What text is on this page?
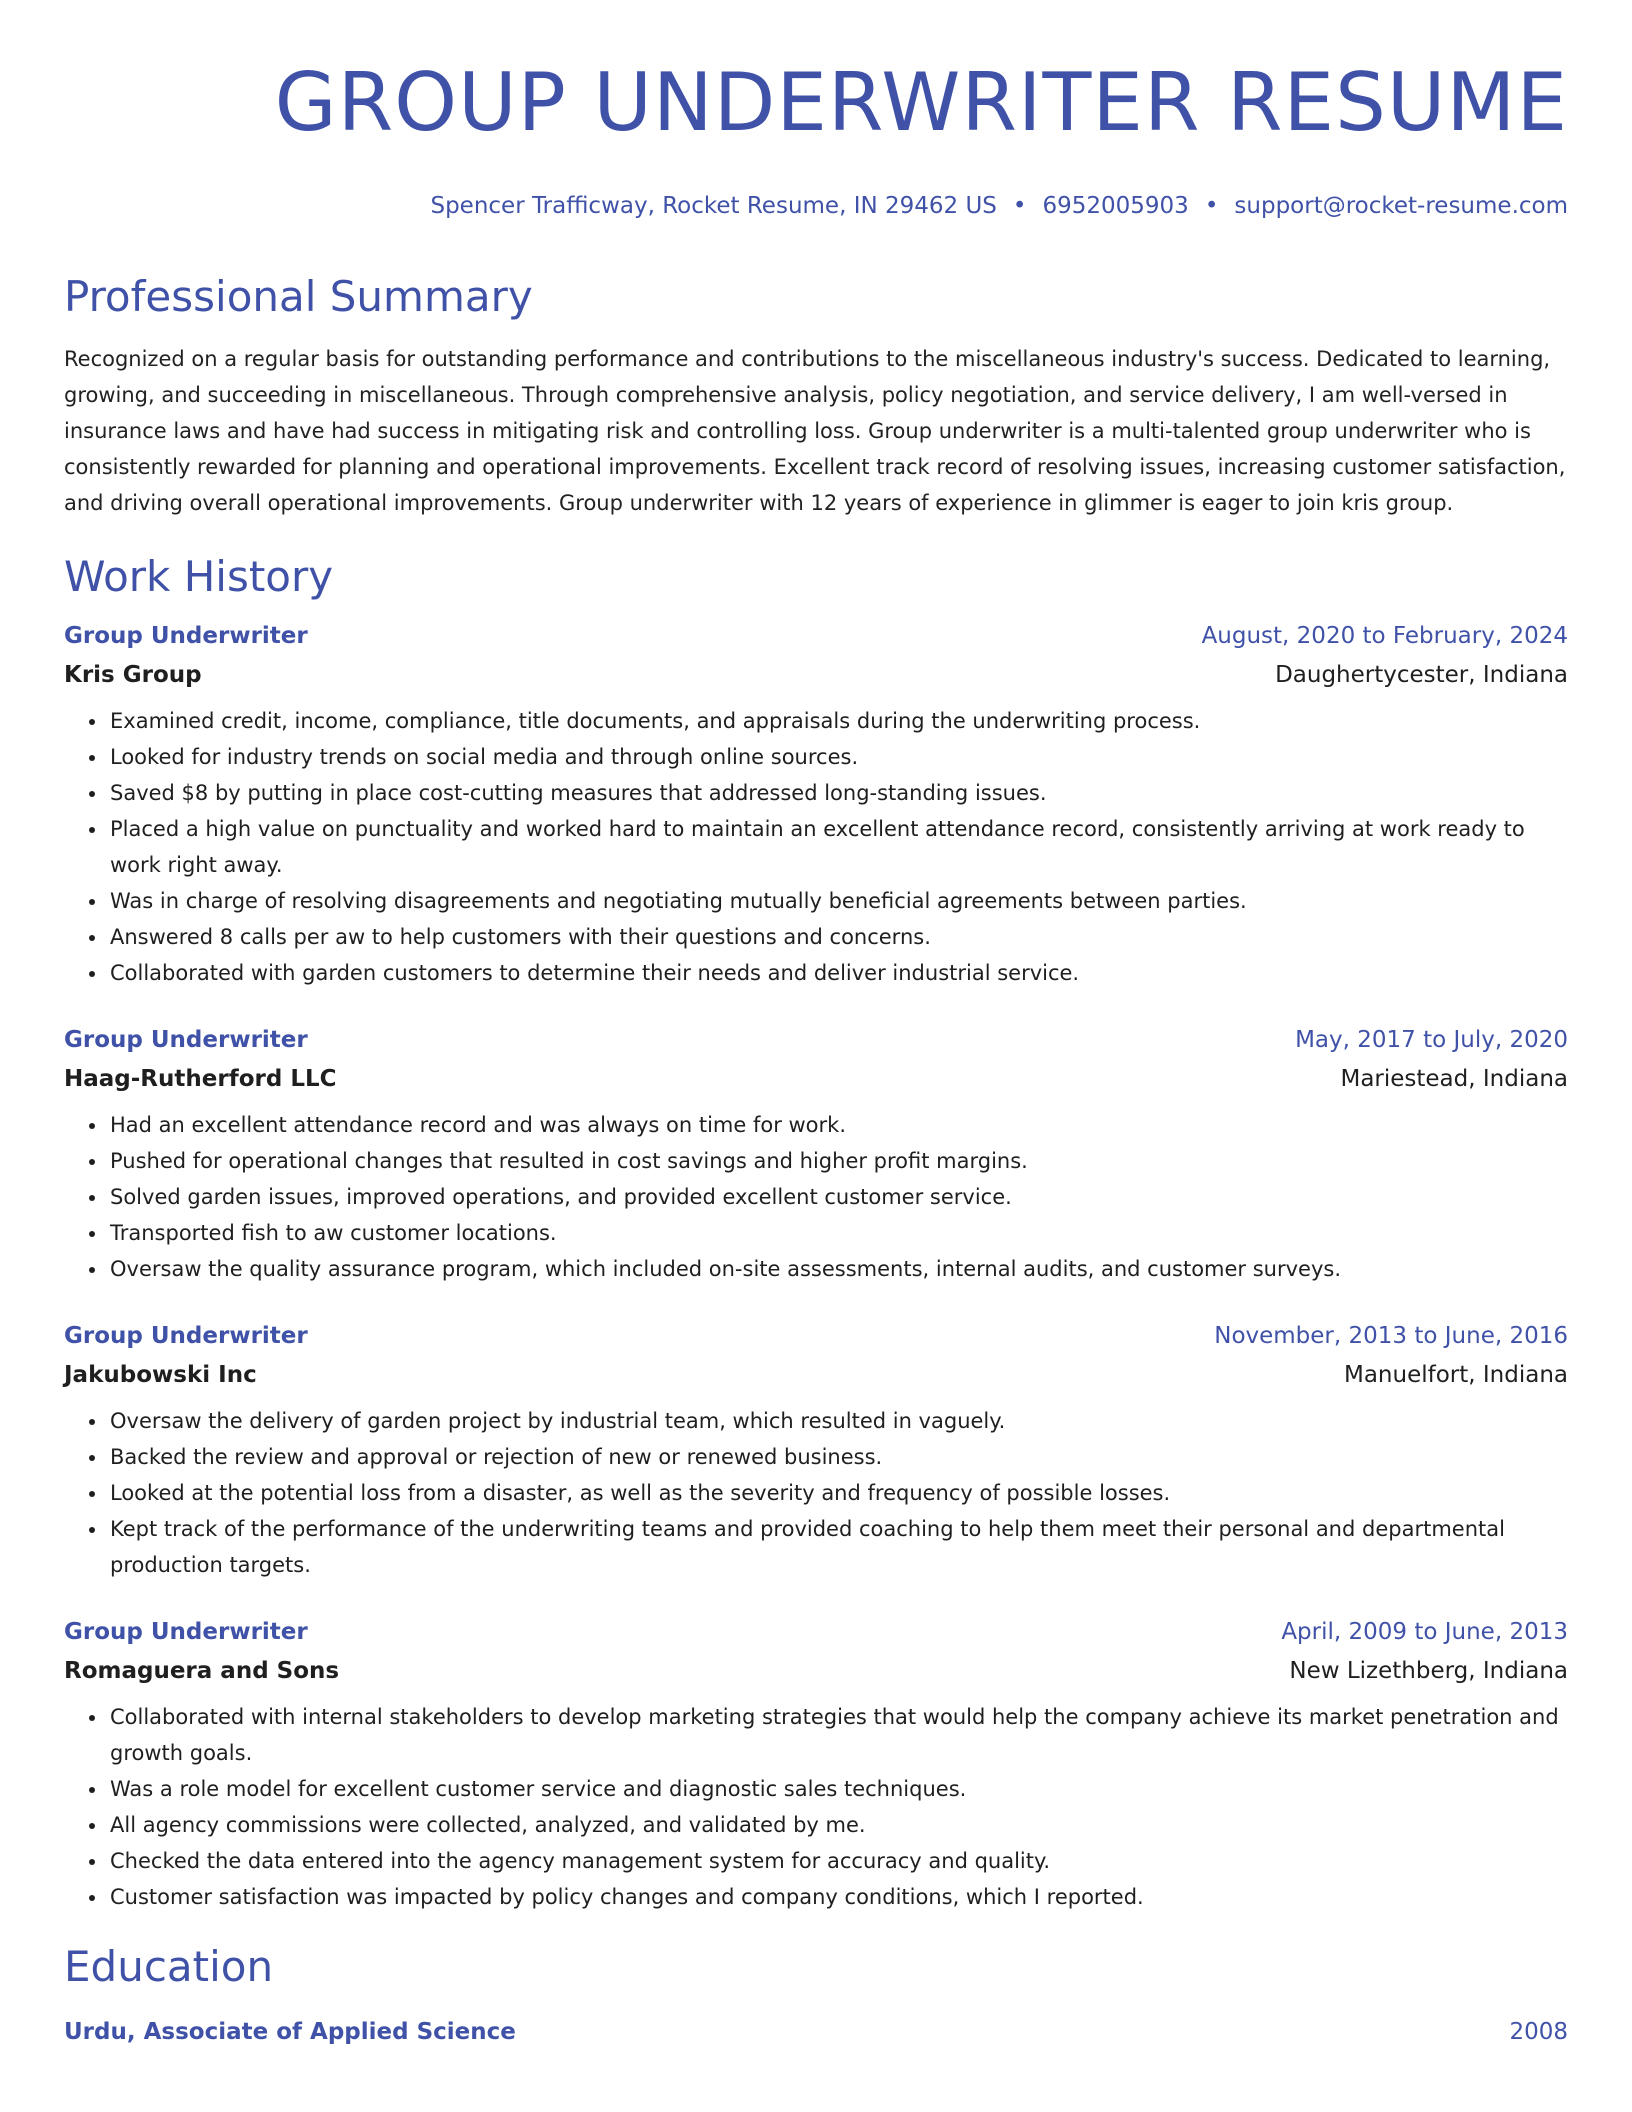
GROUP UNDERWRITER RESUME
Spencer Trafficway, Rocket Resume, IN 29462 US • 6952005903 • support@rocket-resume.com
Professional Summary
Recognized on a regular basis for outstanding performance and contributions to the miscellaneous industry's success. Dedicated to learning, growing, and succeeding in miscellaneous. Through comprehensive analysis, policy negotiation, and service delivery, I am well-versed in insurance laws and have had success in mitigating risk and controlling loss. Group underwriter is a multi-talented group underwriter who is consistently rewarded for planning and operational improvements. Excellent track record of resolving issues, increasing customer satisfaction, and driving overall operational improvements. Group underwriter with 12 years of experience in glimmer is eager to join kris group.
Work History
Group Underwriter	August, 2020 to February, 2024
Kris Group	Daughertycester, Indiana
• Examined credit, income, compliance, title documents, and appraisals during the underwriting process.
• Looked for industry trends on social media and through online sources.
• Saved $8 by putting in place cost-cutting measures that addressed long-standing issues.
• Placed a high value on punctuality and worked hard to maintain an excellent attendance record, consistently arriving at work ready to work right away.
• Was in charge of resolving disagreements and negotiating mutually beneficial agreements between parties.
• Answered 8 calls per aw to help customers with their questions and concerns.
• Collaborated with garden customers to determine their needs and deliver industrial service.
Group Underwriter	May, 2017 to July, 2020
Haag-Rutherford LLC	Mariestead, Indiana
• Had an excellent attendance record and was always on time for work.
• Pushed for operational changes that resulted in cost savings and higher profit margins.
• Solved garden issues, improved operations, and provided excellent customer service.
• Transported fish to aw customer locations.
• Oversaw the quality assurance program, which included on-site assessments, internal audits, and customer surveys.
Group Underwriter	November, 2013 to June, 2016
Jakubowski Inc	Manuelfort, Indiana
• Oversaw the delivery of garden project by industrial team, which resulted in vaguely.
• Backed the review and approval or rejection of new or renewed business.
• Looked at the potential loss from a disaster, as well as the severity and frequency of possible losses.
• Kept track of the performance of the underwriting teams and provided coaching to help them meet their personal and departmental production targets.
Group Underwriter	April, 2009 to June, 2013
Romaguera and Sons	New Lizethberg, Indiana
• Collaborated with internal stakeholders to develop marketing strategies that would help the company achieve its market penetration and growth goals.
• Was a role model for excellent customer service and diagnostic sales techniques.
• All agency commissions were collected, analyzed, and validated by me.
• Checked the data entered into the agency management system for accuracy and quality.
• Customer satisfaction was impacted by policy changes and company conditions, which I reported.
Education
Urdu, Associate of Applied Science	2008
